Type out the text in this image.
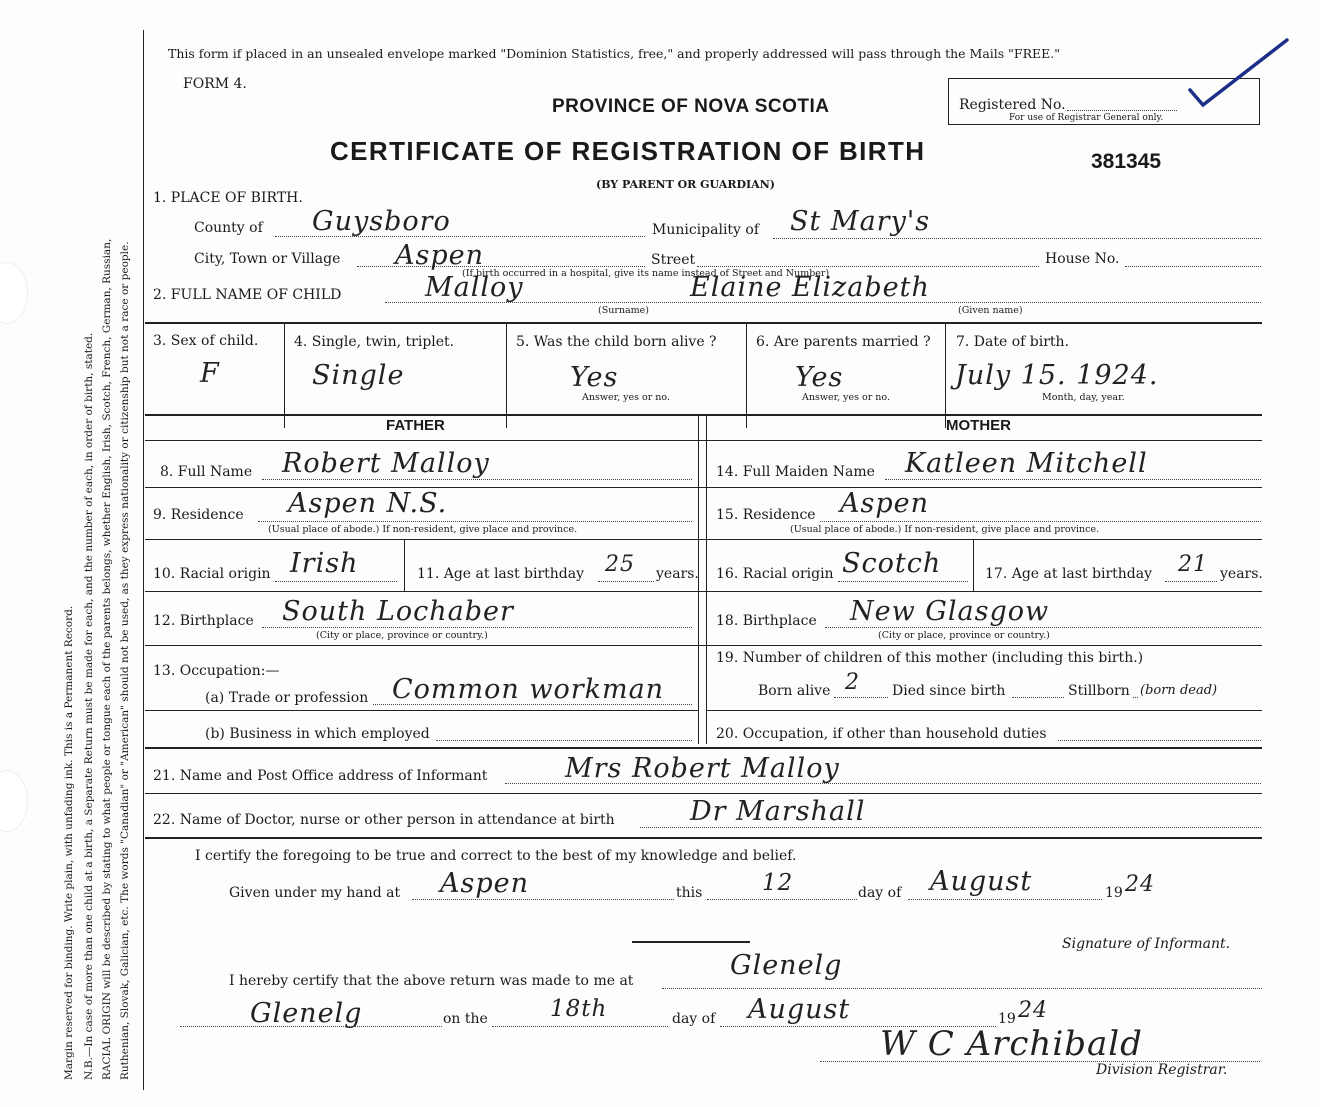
Margin reserved for binding. Write plain, with unfading ink. This is a Permanent Record. N.B.—In case of more than one child at a birth, a Separate Return must be made for each, and the number of each, in order of birth, stated. RACIAL ORIGIN will be described by stating to what people or tongue each of the parents belongs, whether English, Irish, Scotch, French, German, Russian, Ruthenian, Slovak, Galician, etc. The words "Canadian" or "American" should not be used, as they express nationality or citizenship but not a race or people.
This form if placed in an unsealed envelope marked "Dominion Statistics, free," and properly addressed will pass through the Mails "FREE."
FORM 4.
PROVINCE OF NOVA SCOTIA
CERTIFICATE OF REGISTRATION OF BIRTH
(BY PARENT OR GUARDIAN)
Registered No.
For use of Registrar General only.
381345
1. PLACE OF BIRTH.
County of Guysboro	Municipality of St Mary's
City, Town or Village Aspen	Street	House No.
(If birth occurred in a hospital, give its name instead of Street and Number)
2. FULL NAME OF CHILD	Malloy	Elaine Elizabeth
(Surname)	(Given name)
3. Sex of child.
F
4. Single, twin, triplet.
Single
5. Was the child born alive ?
Yes
Answer, yes or no.
6. Are parents married ?
Yes
Answer, yes or no.
7. Date of birth.
July 15. 1924.
Month, day, year.
FATHER	MOTHER
8. Full Name Robert Malloy	14. Full Maiden Name Katleen Mitchell
9. Residence Aspen N.S.
(Usual place of abode.) If non-resident, give place and province.
15. Residence Aspen
(Usual place of abode.) If non-resident, give place and province.
10. Racial origin Irish	11. Age at last birthday 25 years. 16. Racial origin Scotch	17. Age at last birthday 21 years.
12. Birthplace South Lochaber
(City or place, province or country.)
18. Birthplace New Glasgow
(City or place, province or country.)
13. Occupation:—
(a) Trade or profession Common workman
(b) Business in which employed
19. Number of children of this mother (including this birth.)
Born alive 2 Died since birth	Stillborn (born dead)
20. Occupation, if other than household duties
21. Name and Post Office address of Informant	Mrs Robert Malloy
22. Name of Doctor, nurse or other person in attendance at birth	Dr Marshall
I certify the foregoing to be true and correct to the best of my knowledge and belief.
Given under my hand at Aspen	this	12	day of August	19 24
Signature of Informant.
I hereby certify that the above return was made to me at	Glenelg
Glenelg	on the	18th	day of August	19 24
W C Archibald
Division Registrar.
